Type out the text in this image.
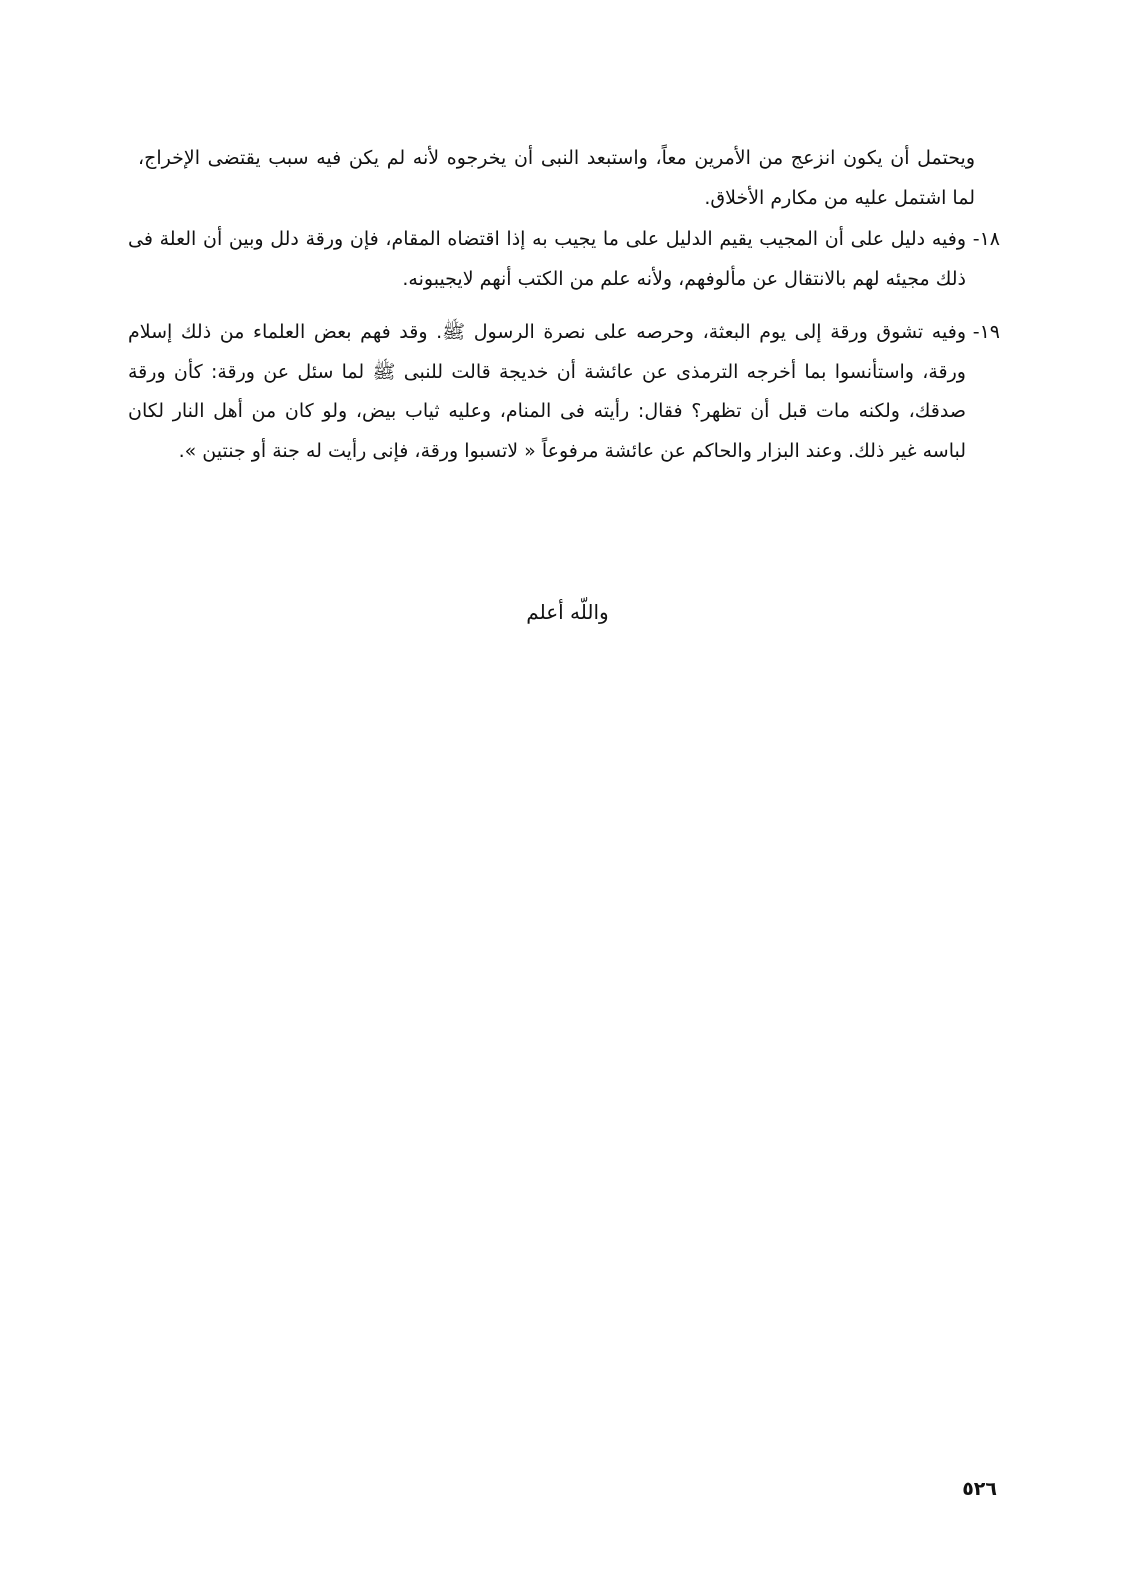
ويحتمل أن يكون انزعج من الأمرين معاً، واستبعد النبى أن يخرجوه لأنه لم يكن فيه سبب يقتضى الإخراج، لما اشتمل عليه من مكارم الأخلاق.

١٨-
وفيه دليل على أن المجيب يقيم الدليل على ما يجيب به إذا اقتضاه المقام، فإن ورقة دلل وبين أن العلة فى ذلك مجيئه لهم بالانتقال عن مألوفهم، ولأنه علم من الكتب أنهم لايجيبونه.
١٩-
وفيه تشوق ورقة إلى يوم البعثة، وحرصه على نصرة الرسول ﷺ. وقد فهم بعض العلماء من ذلك إسلام ورقة، واستأنسوا بما أخرجه الترمذى عن عائشة أن خديجة قالت للنبى ﷺ لما سئل عن ورقة: كأن ورقة صدقك، ولكنه مات قبل أن تظهر؟ فقال: رأيته فى المنام، وعليه ثياب بيض، ولو كان من أهل النار لكان لباسه غير ذلك. وعند البزار والحاكم عن عائشة مرفوعاً « لاتسبوا ورقة، فإنى رأيت له جنة أو جنتين ».
واللّه أعلم
٥٢٦
